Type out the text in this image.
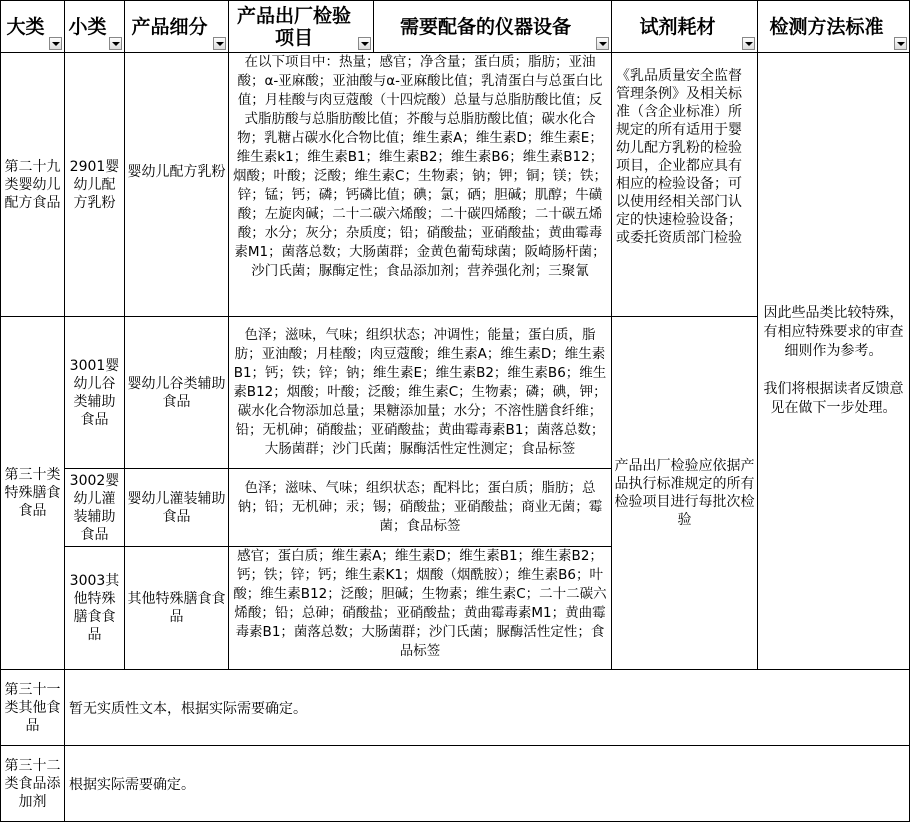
大类	小类	产品细分	产品出厂检验项目	需要配备的仪器设备	试剂耗材	检测方法标准

第二十九类婴幼儿配方食品	2901婴幼儿配方乳粉	婴幼儿配方乳粉	在以下项目中：热量；感官；净含量；蛋白质；脂肪；亚油酸；α-亚麻酸；亚油酸与α-亚麻酸比值；乳清蛋白与总蛋白比值；月桂酸与肉豆蔻酸（十四烷酸）总量与总脂肪酸比值；反式脂肪酸与总脂肪酸比值；芥酸与总脂肪酸比值；碳水化合物；乳糖占碳水化合物比值；维生素A；维生素D；维生素E；维生素k1；维生素B1；维生素B2；维生素B6；维生素B12；烟酸；叶酸；泛酸；维生素C；生物素；钠；钾；铜；镁；铁；锌；锰；钙；磷；钙磷比值；碘；氯；硒；胆碱；肌醇；牛磺酸；左旋肉碱；二十二碳六烯酸；二十碳四烯酸；二十碳五烯酸；水分；灰分；杂质度；铅；硝酸盐；亚硝酸盐；黄曲霉毒素M1；菌落总数；大肠菌群；金黄色葡萄球菌；阪崎肠杆菌；沙门氏菌；脲酶定性；食品添加剂；营养强化剂；三聚氰		《乳品质量安全监督管理条例》及相关标准（含企业标准）所规定的所有适用于婴幼儿配方乳粉的检验项目，企业都应具有相应的检验设备；可以使用经相关部门认定的快速检验设备；或委托资质部门检验	因此些品类比较特殊，有相应特殊要求的审查细则作为参考。

我们将根据读者反馈意见在做下一步处理。
第三十类特殊膳食食品	3001婴幼儿谷类辅助食品	婴幼儿谷类辅助食品	色泽；滋味，气味；组织状态；冲调性；能量；蛋白质，脂肪；亚油酸；月桂酸；肉豆蔻酸；维生素A；维生素D；维生素B1；钙；铁；锌；钠；维生素E；维生素B2；维生素B6；维生素B12；烟酸；叶酸；泛酸；维生素C；生物素；磷；碘，钾；碳水化合物添加总量；果糖添加量；水分；不溶性膳食纤维；铅；无机砷；硝酸盐；亚硝酸盐；黄曲霉毒素B1；菌落总数；大肠菌群；沙门氏菌；脲酶活性定性测定；食品标签		产品出厂检验应依据产品执行标准规定的所有检验项目进行每批次检验	
	3002婴幼儿灌装辅助食品	婴幼儿灌装辅助食品	色泽；滋味、气味；组织状态；配料比；蛋白质；脂肪；总钠；铅；无机砷；汞；锡；硝酸盐；亚硝酸盐；商业无菌；霉菌；食品标签			
	3003其他特殊膳食食品	其他特殊膳食食品	感官；蛋白质；维生素A；维生素D；维生素B1；维生素B2；钙；铁；锌；钙；维生素K1；烟酸（烟酰胺）；维生素B6；叶酸；维生素B12；泛酸；胆碱；生物素；维生素C；二十二碳六烯酸；铅；总砷；硝酸盐；亚硝酸盐；黄曲霉毒素M1；黄曲霉毒素B1；菌落总数；大肠菌群；沙门氏菌；脲酶活性定性；食品标签			

第三十一类其他食品	暂无实质性文本，根据实际需要确定。					
第三十二类食品添加剂	根据实际需要确定。					
